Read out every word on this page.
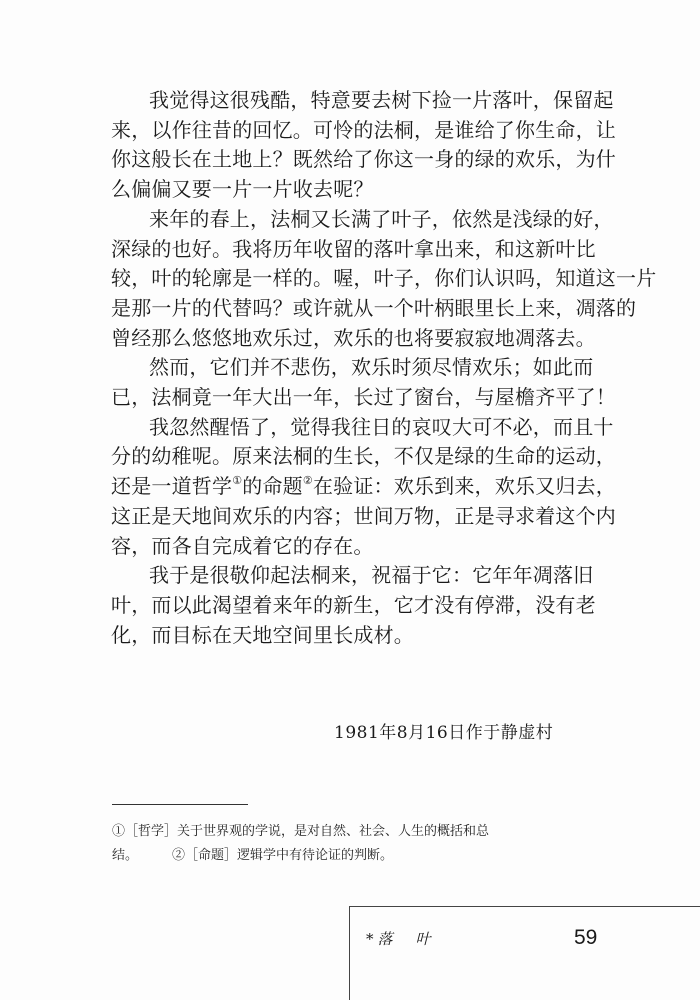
我觉得这很残酷，特意要去树下捡一片落叶，保留起
来，以作往昔的回忆。可怜的法桐，是谁给了你生命，让
你这般长在土地上？既然给了你这一身的绿的欢乐，为什
么偏偏又要一片一片收去呢？

来年的春上，法桐又长满了叶子，依然是浅绿的好，
深绿的也好。我将历年收留的落叶拿出来，和这新叶比
较，叶的轮廓是一样的。喔，叶子，你们认识吗，知道这一片
是那一片的代替吗？或许就从一个叶柄眼里长上来，凋落的
曾经那么悠悠地欢乐过，欢乐的也将要寂寂地凋落去。

然而，它们并不悲伤，欢乐时须尽情欢乐；如此而
已，法桐竟一年大出一年，长过了窗台，与屋檐齐平了！

我忽然醒悟了，觉得我往日的哀叹大可不必，而且十
分的幼稚呢。原来法桐的生长，不仅是绿的生命的运动，
还是一道哲学①的命题②在验证：欢乐到来，欢乐又归去，
这正是天地间欢乐的内容；世间万物，正是寻求着这个内
容，而各自完成着它的存在。

我于是很敬仰起法桐来，祝福于它：它年年凋落旧
叶，而以此渴望着来年的新生，它才没有停滞，没有老
化，而目标在天地空间里长成材。

1981年8月16日作于静虚村
①［哲学］关于世界观的学说，是对自然、社会、人生的概括和总
结。	②［命题］逻辑学中有待论证的判断。
*落　叶	59
